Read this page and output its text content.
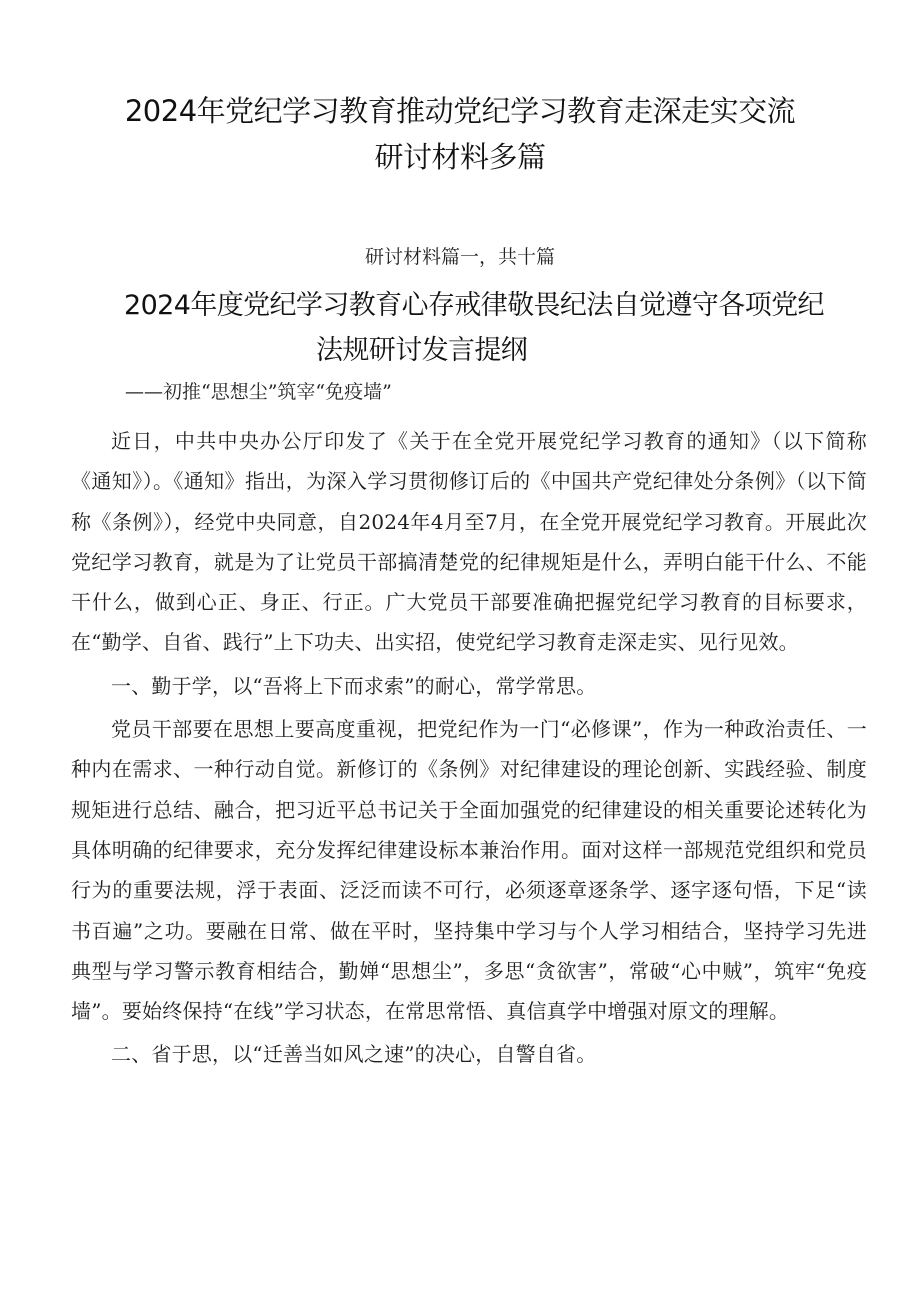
2024年党纪学习教育推动党纪学习教育走深走实交流
研讨材料多篇
研讨材料篇一，共十篇
2024年度党纪学习教育心存戒律敬畏纪法自觉遵守各项党纪
法规研讨发言提纲
——初推“思想尘”筑宰“免疫墙”

近日，中共中央办公厅印发了《关于在全党开展党纪学习教育的通知》（以下简称《通知》）。《通知》指出，为深入学习贯彻修订后的《中国共产党纪律处分条例》（以下简称《条例》），经党中央同意，自2024年4月至7月，在全党开展党纪学习教育。开展此次党纪学习教育，就是为了让党员干部搞清楚党的纪律规矩是什么，弄明白能干什么、不能干什么，做到心正、身正、行正。广大党员干部要准确把握党纪学习教育的目标要求，在“勤学、自省、践行”上下功夫、出实招，使党纪学习教育走深走实、见行见效。

一、勤于学，以“吾将上下而求索”的耐心，常学常思。

党员干部要在思想上要高度重视，把党纪作为一门“必修课”，作为一种政治责任、一种内在需求、一种行动自觉。新修订的《条例》对纪律建设的理论创新、实践经验、制度规矩进行总结、融合，把习近平总书记关于全面加强党的纪律建设的相关重要论述转化为具体明确的纪律要求，充分发挥纪律建设标本兼治作用。面对这样一部规范党组织和党员行为的重要法规，浮于表面、泛泛而读不可行，必须逐章逐条学、逐字逐句悟，下足“读书百遍”之功。要融在日常、做在平时，坚持集中学习与个人学习相结合，坚持学习先进典型与学习警示教育相结合，勤婵“思想尘”，多思“贪欲害”，常破“心中贼”，筑牢“免疫墙”。要始终保持“在线”学习状态，在常思常悟、真信真学中增强对原文的理解。

二、省于思，以“迁善当如风之速”的决心，自警自省。
